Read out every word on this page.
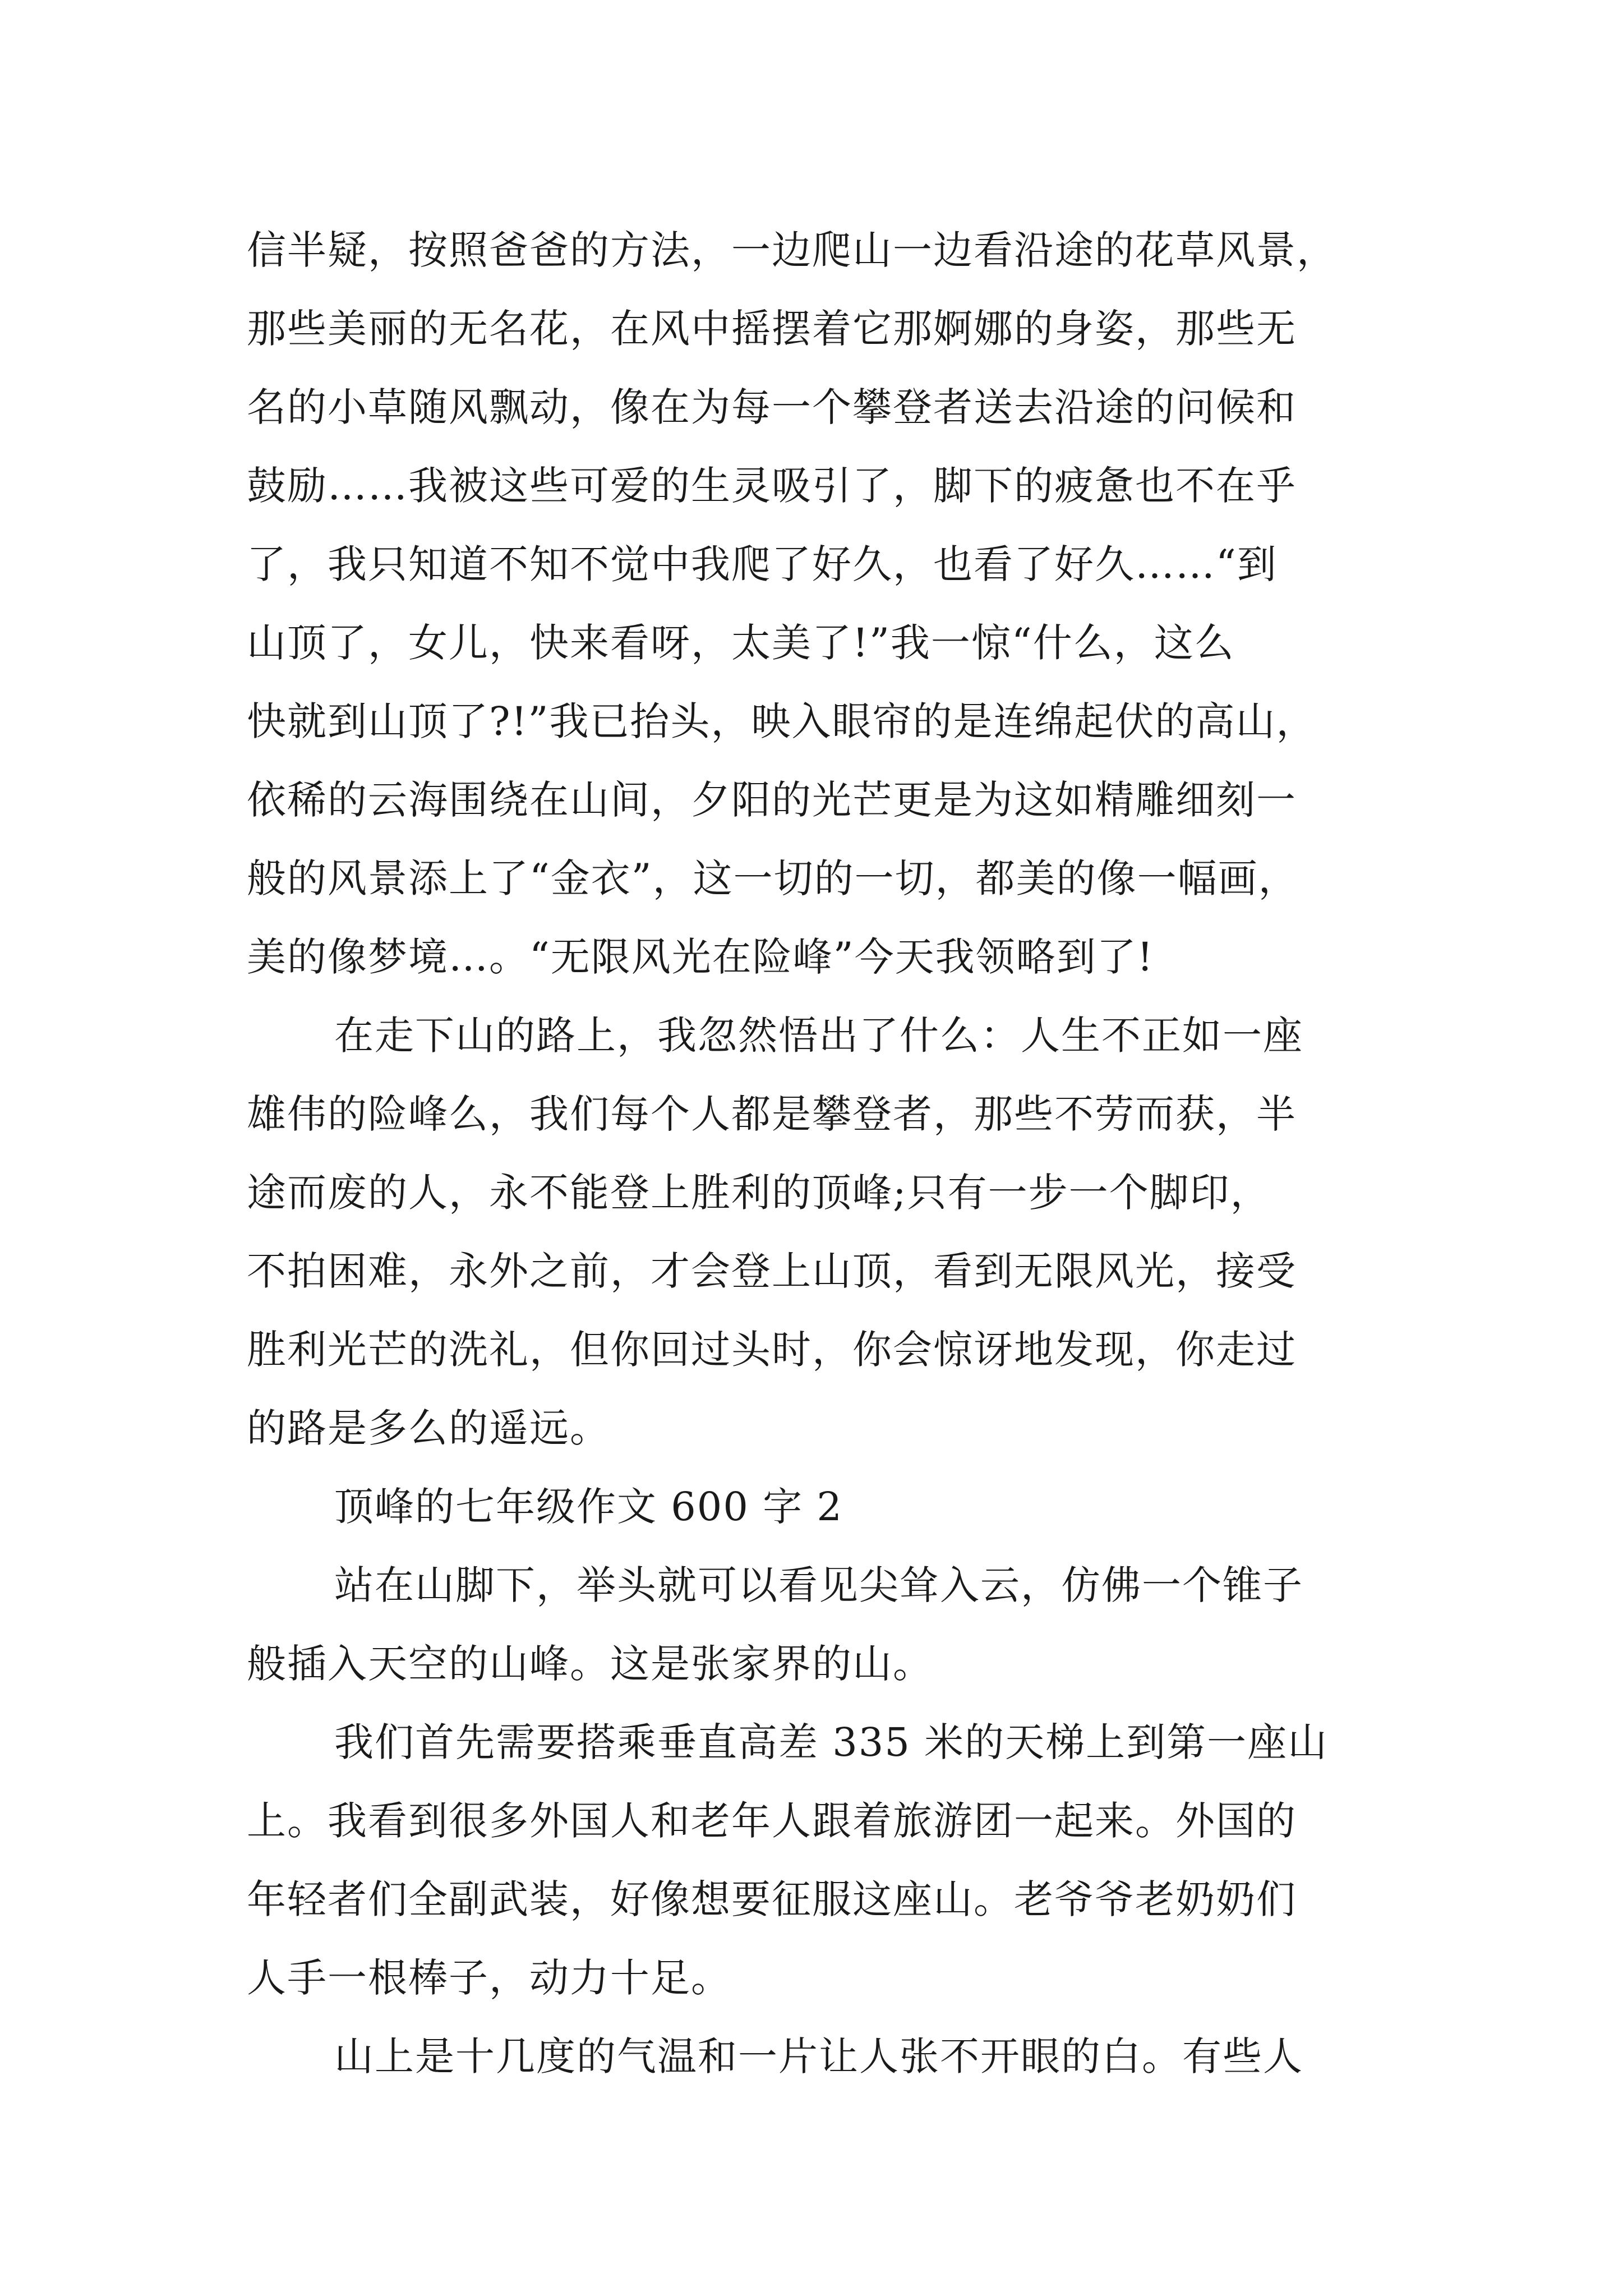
信半疑，按照爸爸的方法，一边爬山一边看沿途的花草风景，
那些美丽的无名花，在风中摇摆着它那婀娜的身姿，那些无
名的小草随风飘动，像在为每一个攀登者送去沿途的问候和
鼓励……我被这些可爱的生灵吸引了，脚下的疲惫也不在乎
了，我只知道不知不觉中我爬了好久，也看了好久……“到
山顶了，女儿，快来看呀，太美了!”我一惊“什么，这么
快就到山顶了?!”我已抬头，映入眼帘的是连绵起伏的高山，
依稀的云海围绕在山间，夕阳的光芒更是为这如精雕细刻一
般的风景添上了“金衣”，这一切的一切，都美的像一幅画，
美的像梦境…。“无限风光在险峰”今天我领略到了!
在走下山的路上，我忽然悟出了什么：人生不正如一座
雄伟的险峰么，我们每个人都是攀登者，那些不劳而获，半
途而废的人，永不能登上胜利的顶峰;只有一步一个脚印，
不拍困难，永外之前，才会登上山顶，看到无限风光，接受
胜利光芒的洗礼，但你回过头时，你会惊讶地发现，你走过
的路是多么的遥远。
顶峰的七年级作文 600 字 2
站在山脚下，举头就可以看见尖耸入云，仿佛一个锥子
般插入天空的山峰。这是张家界的山。
我们首先需要搭乘垂直高差 335 米的天梯上到第一座山
上。我看到很多外国人和老年人跟着旅游团一起来。外国的
年轻者们全副武装，好像想要征服这座山。老爷爷老奶奶们
人手一根棒子，动力十足。
山上是十几度的气温和一片让人张不开眼的白。有些人
